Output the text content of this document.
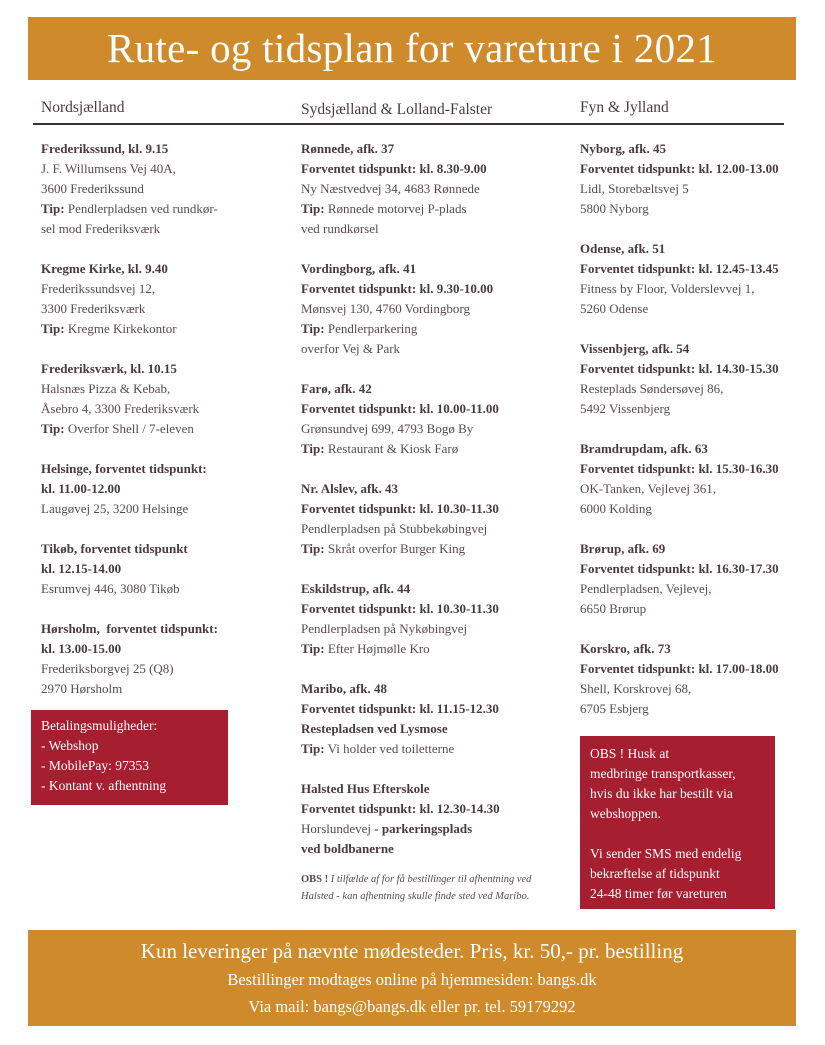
Rute- og tidsplan for vareture i 2021
Nordsjælland	Sydsjælland & Lolland-Falster	Fyn & Jylland
Frederikssund, kl. 9.15
J. F. Willumsens Vej 40A,
3600 Frederikssund
Tip: Pendlerpladsen ved rundkør-
sel mod Frederiksværk
Kregme Kirke, kl. 9.40
Frederikssundsvej 12,
3300 Frederiksværk
Tip: Kregme Kirkekontor
Frederiksværk, kl. 10.15
Halsnæs Pizza & Kebab,
Åsebro 4, 3300 Frederiksværk
Tip: Overfor Shell / 7-eleven
Helsinge, forventet tidspunkt:
kl. 11.00-12.00
Laugøvej 25, 3200 Helsinge
Tikøb, forventet tidspunkt
kl. 12.15-14.00
Esrumvej 446, 3080 Tikøb
Hørsholm,  forventet tidspunkt:
kl. 13.00-15.00
Frederiksborgvej 25 (Q8)
2970 Hørsholm
Betalingsmuligheder:
- Webshop
- MobilePay: 97353
- Kontant v. afhentning
Rønnede, afk. 37
Forventet tidspunkt: kl. 8.30-9.00
Ny Næstvedvej 34, 4683 Rønnede
Tip: Rønnede motorvej P-plads
ved rundkørsel
Vordingborg, afk. 41
Forventet tidspunkt: kl. 9.30-10.00
Mønsvej 130, 4760 Vordingborg
Tip: Pendlerparkering
overfor Vej & Park
Farø, afk. 42
Forventet tidspunkt: kl. 10.00-11.00
Grønsundvej 699, 4793 Bogø By
Tip: Restaurant & Kiosk Farø
Nr. Alslev, afk. 43
Forventet tidspunkt: kl. 10.30-11.30
Pendlerpladsen på Stubbekøbingvej
Tip: Skråt overfor Burger King
Eskildstrup, afk. 44
Forventet tidspunkt: kl. 10.30-11.30
Pendlerpladsen på Nykøbingvej
Tip: Efter Højmølle Kro
Maribo, afk. 48
Forventet tidspunkt: kl. 11.15-12.30
Restepladsen ved Lysmose
Tip: Vi holder ved toiletterne
Halsted Hus Efterskole
Forventet tidspunkt: kl. 12.30-14.30
Horslundevej - parkeringsplads
ved boldbanerne
OBS ! I tilfælde af for få bestillinger til afhentning ved Halsted - kan afhentning skulle finde sted ved Maribo.
Nyborg, afk. 45
Forventet tidspunkt: kl. 12.00-13.00
Lidl, Storebæltsvej 5
5800 Nyborg
Odense, afk. 51
Forventet tidspunkt: kl. 12.45-13.45
Fitness by Floor, Volderslevvej 1,
5260 Odense
Vissenbjerg, afk. 54
Forventet tidspunkt: kl. 14.30-15.30
Resteplads Søndersøvej 86,
5492 Vissenbjerg
Bramdrupdam, afk. 63
Forventet tidspunkt: kl. 15.30-16.30
OK-Tanken, Vejlevej 361,
6000 Kolding
Brørup, afk. 69
Forventet tidspunkt: kl. 16.30-17.30
Pendlerpladsen, Vejlevej,
6650 Brørup
Korskro, afk. 73
Forventet tidspunkt: kl. 17.00-18.00
Shell, Korskrovej 68,
6705 Esbjerg
OBS ! Husk at
medbringe transportkasser,
hvis du ikke har bestilt via
webshoppen.
Vi sender SMS med endelig
bekræftelse af tidspunkt
24-48 timer før vareturen
Kun leveringer på nævnte mødesteder. Pris, kr. 50,- pr. bestilling
Bestillinger modtages online på hjemmesiden: bangs.dk
Via mail: bangs@bangs.dk eller pr. tel. 59179292
